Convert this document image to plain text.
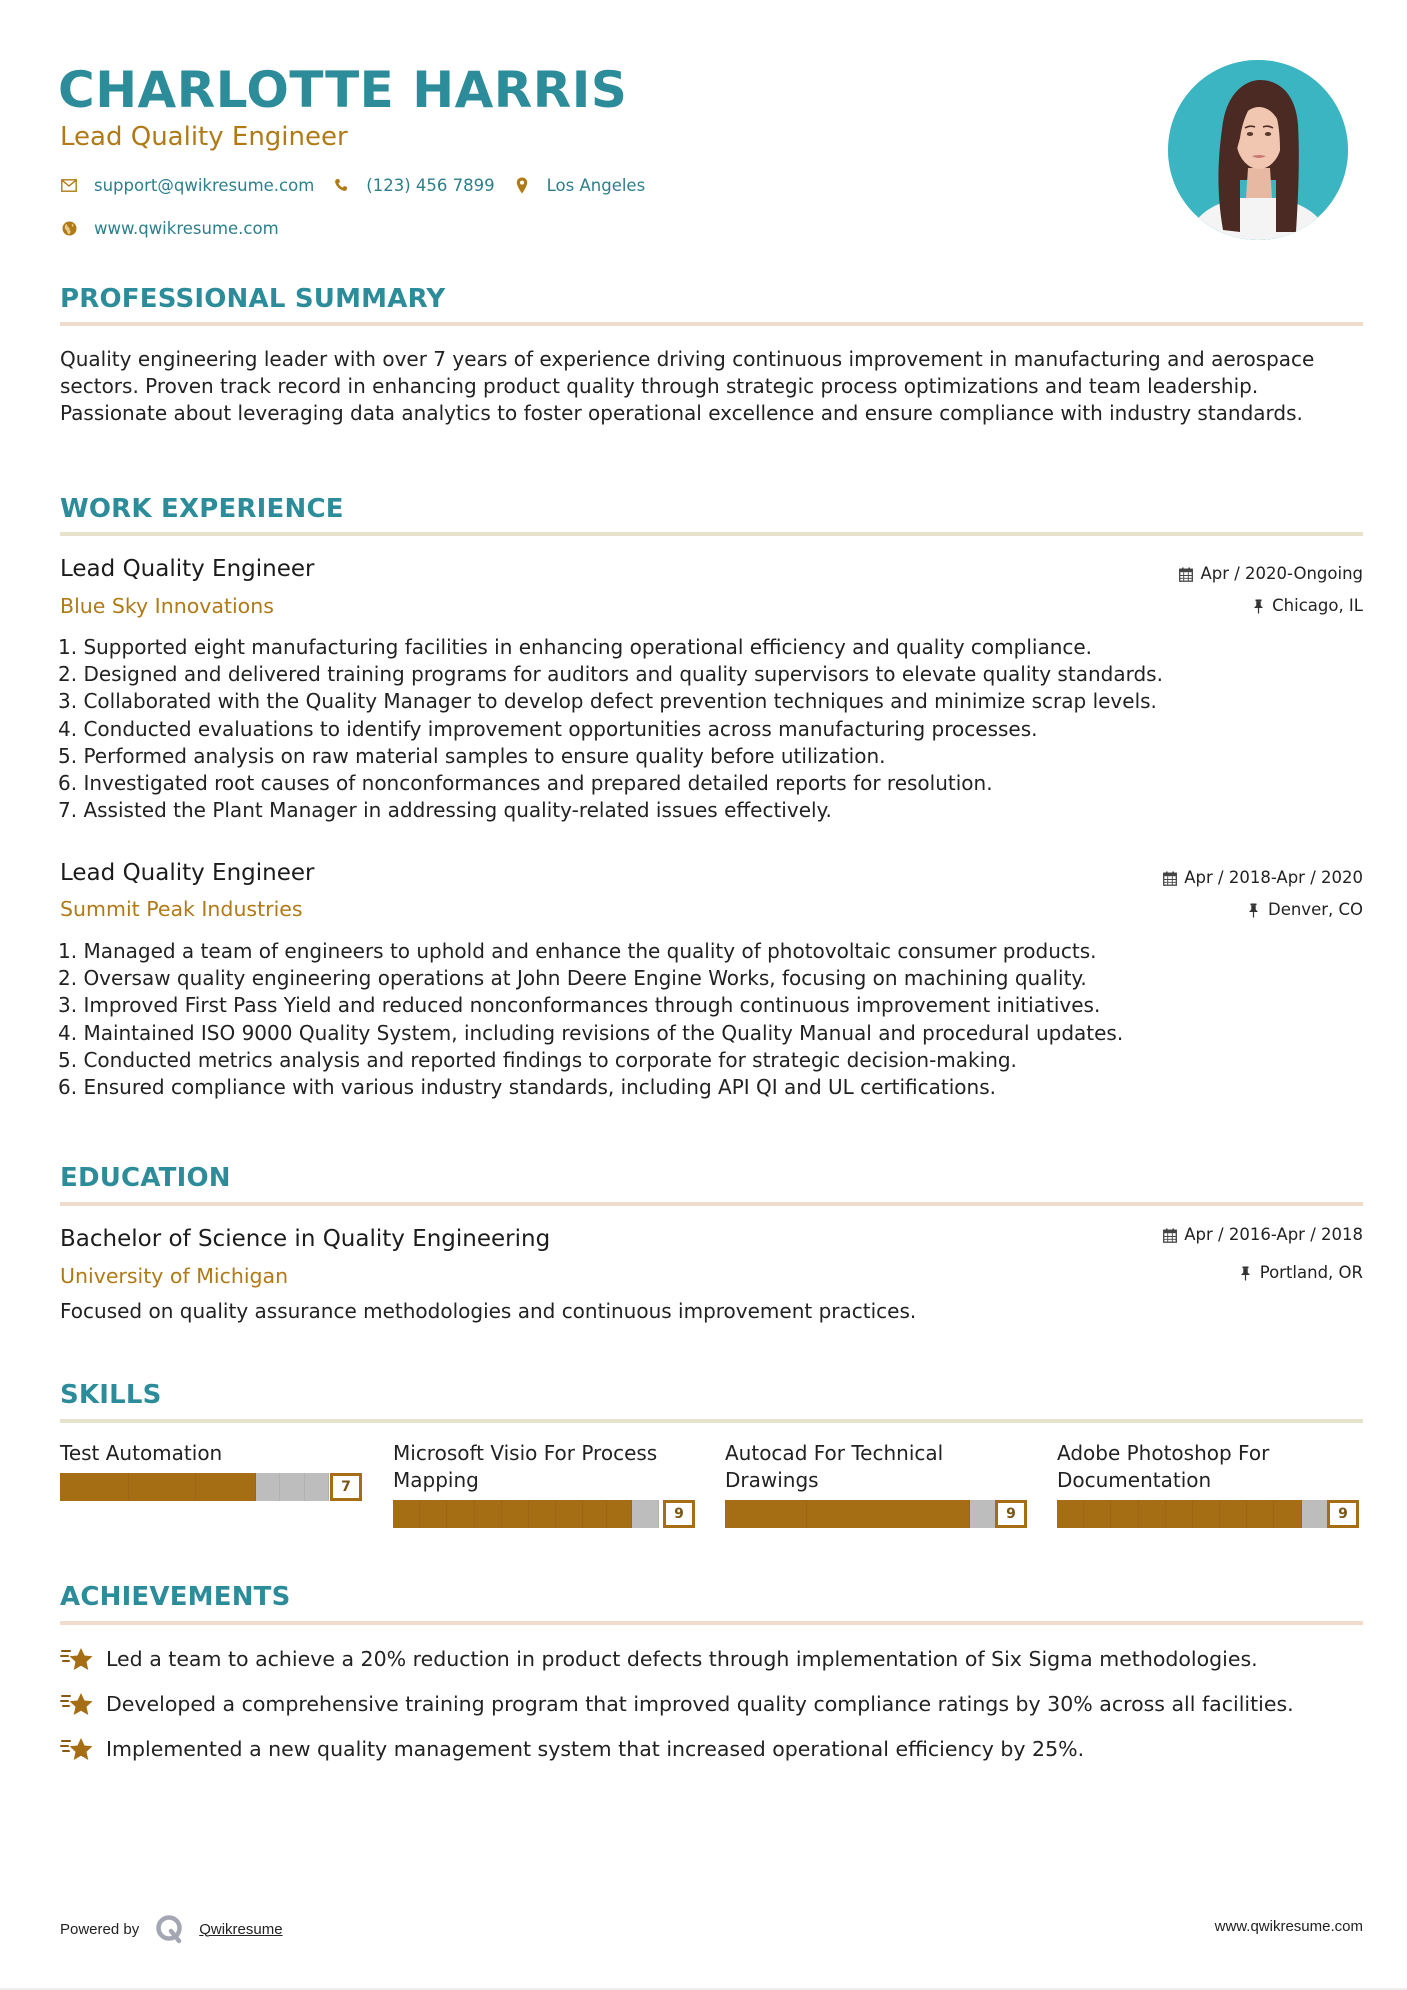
CHARLOTTE HARRIS
Lead Quality Engineer
support@qwikresume.com	(123) 456 7899	Los Angeles
www.qwikresume.com
PROFESSIONAL SUMMARY
Quality engineering leader with over 7 years of experience driving continuous improvement in manufacturing and aerospace sectors. Proven track record in enhancing product quality through strategic process optimizations and team leadership. Passionate about leveraging data analytics to foster operational excellence and ensure compliance with industry standards.
WORK EXPERIENCE
Lead Quality Engineer
Blue Sky Innovations
Apr / 2020-Ongoing
Chicago, IL
1. Supported eight manufacturing facilities in enhancing operational efficiency and quality compliance.
2. Designed and delivered training programs for auditors and quality supervisors to elevate quality standards.
3. Collaborated with the Quality Manager to develop defect prevention techniques and minimize scrap levels.
4. Conducted evaluations to identify improvement opportunities across manufacturing processes.
5. Performed analysis on raw material samples to ensure quality before utilization.
6. Investigated root causes of nonconformances and prepared detailed reports for resolution.
7. Assisted the Plant Manager in addressing quality-related issues effectively.
Lead Quality Engineer
Summit Peak Industries
Apr / 2018-Apr / 2020
Denver, CO
1. Managed a team of engineers to uphold and enhance the quality of photovoltaic consumer products.
2. Oversaw quality engineering operations at John Deere Engine Works, focusing on machining quality.
3. Improved First Pass Yield and reduced nonconformances through continuous improvement initiatives.
4. Maintained ISO 9000 Quality System, including revisions of the Quality Manual and procedural updates.
5. Conducted metrics analysis and reported findings to corporate for strategic decision-making.
6. Ensured compliance with various industry standards, including API QI and UL certifications.
EDUCATION
Bachelor of Science in Quality Engineering
University of Michigan
Apr / 2016-Apr / 2018
Portland, OR
Focused on quality assurance methodologies and continuous improvement practices.
SKILLS
Test Automation
7
Microsoft Visio For Process Mapping
9
Autocad For Technical Drawings
9
Adobe Photoshop For Documentation
9
ACHIEVEMENTS
Led a team to achieve a 20% reduction in product defects through implementation of Six Sigma methodologies.
Developed a comprehensive training program that improved quality compliance ratings by 30% across all facilities.
Implemented a new quality management system that increased operational efficiency by 25%.
Powered by	Qwikresume	www.qwikresume.com
